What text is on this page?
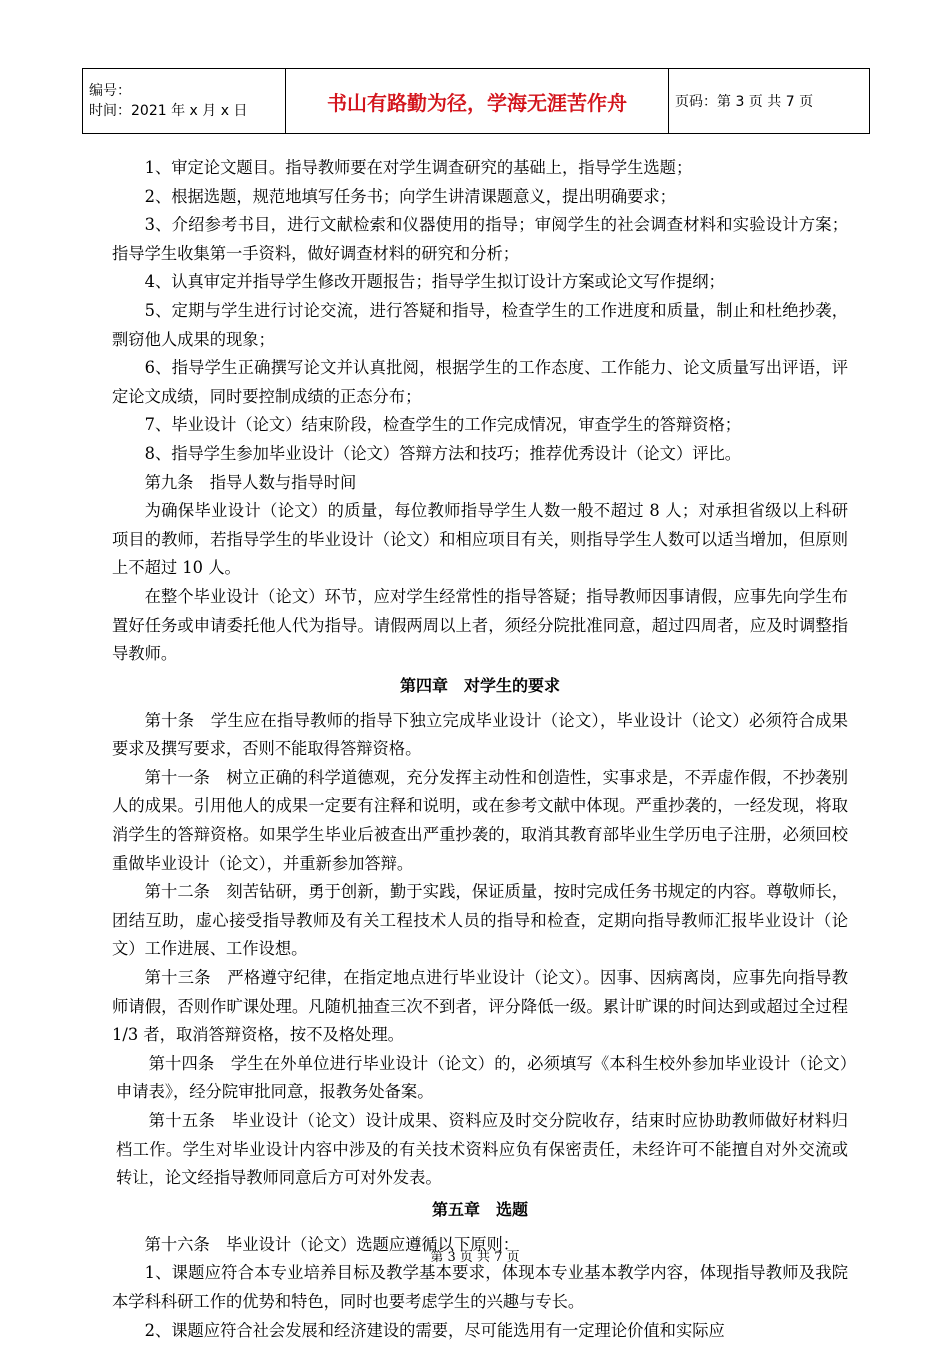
编号：
时间：2021 年 x 月 x 日	书山有路勤为径，学海无涯苦作舟	页码：第 3 页 共 7 页

1、审定论文题目。指导教师要在对学生调查研究的基础上，指导学生选题；

2、根据选题，规范地填写任务书；向学生讲清课题意义，提出明确要求；

3、介绍参考书目，进行文献检索和仪器使用的指导；审阅学生的社会调查材料和实验设计方案；指导学生收集第一手资料，做好调查材料的研究和分析；

4、认真审定并指导学生修改开题报告；指导学生拟订设计方案或论文写作提纲；

5、定期与学生进行讨论交流，进行答疑和指导，检查学生的工作进度和质量，制止和杜绝抄袭，剽窃他人成果的现象；

6、指导学生正确撰写论文并认真批阅，根据学生的工作态度、工作能力、论文质量写出评语，评定论文成绩，同时要控制成绩的正态分布；

7、毕业设计（论文）结束阶段，检查学生的工作完成情况，审查学生的答辩资格；

8、指导学生参加毕业设计（论文）答辩方法和技巧；推荐优秀设计（论文）评比。

第九条　指导人数与指导时间

为确保毕业设计（论文）的质量，每位教师指导学生人数一般不超过 8 人；对承担省级以上科研项目的教师，若指导学生的毕业设计（论文）和相应项目有关，则指导学生人数可以适当增加，但原则上不超过 10 人。

在整个毕业设计（论文）环节，应对学生经常性的指导答疑；指导教师因事请假，应事先向学生布置好任务或申请委托他人代为指导。请假两周以上者，须经分院批准同意，超过四周者，应及时调整指导教师。

第四章　对学生的要求

第十条　学生应在指导教师的指导下独立完成毕业设计（论文），毕业设计（论文）必须符合成果要求及撰写要求，否则不能取得答辩资格。

第十一条　树立正确的科学道德观，充分发挥主动性和创造性，实事求是，不弄虚作假，不抄袭别人的成果。引用他人的成果一定要有注释和说明，或在参考文献中体现。严重抄袭的，一经发现，将取消学生的答辩资格。如果学生毕业后被查出严重抄袭的，取消其教育部毕业生学历电子注册，必须回校重做毕业设计（论文），并重新参加答辩。

第十二条　刻苦钻研，勇于创新，勤于实践，保证质量，按时完成任务书规定的内容。尊敬师长，团结互助，虚心接受指导教师及有关工程技术人员的指导和检查，定期向指导教师汇报毕业设计（论文）工作进展、工作设想。

第十三条　严格遵守纪律，在指定地点进行毕业设计（论文）。因事、因病离岗，应事先向指导教师请假，否则作旷课处理。凡随机抽查三次不到者，评分降低一级。累计旷课的时间达到或超过全过程 1/3 者，取消答辩资格，按不及格处理。

第十四条　学生在外单位进行毕业设计（论文）的，必须填写《本科生校外参加毕业设计（论文）申请表》，经分院审批同意，报教务处备案。

第十五条　毕业设计（论文）设计成果、资料应及时交分院收存，结束时应协助教师做好材料归档工作。学生对毕业设计内容中涉及的有关技术资料应负有保密责任，未经许可不能擅自对外交流或转让，论文经指导教师同意后方可对外发表。

第五章　选题

第十六条　毕业设计（论文）选题应遵循以下原则：

1、课题应符合本专业培养目标及教学基本要求，体现本专业基本教学内容，体现指导教师及我院本学科科研工作的优势和特色，同时也要考虑学生的兴趣与专长。

2、课题应符合社会发展和经济建设的需要，尽可能选用有一定理论价值和实际应

第 3 页 共 7 页
